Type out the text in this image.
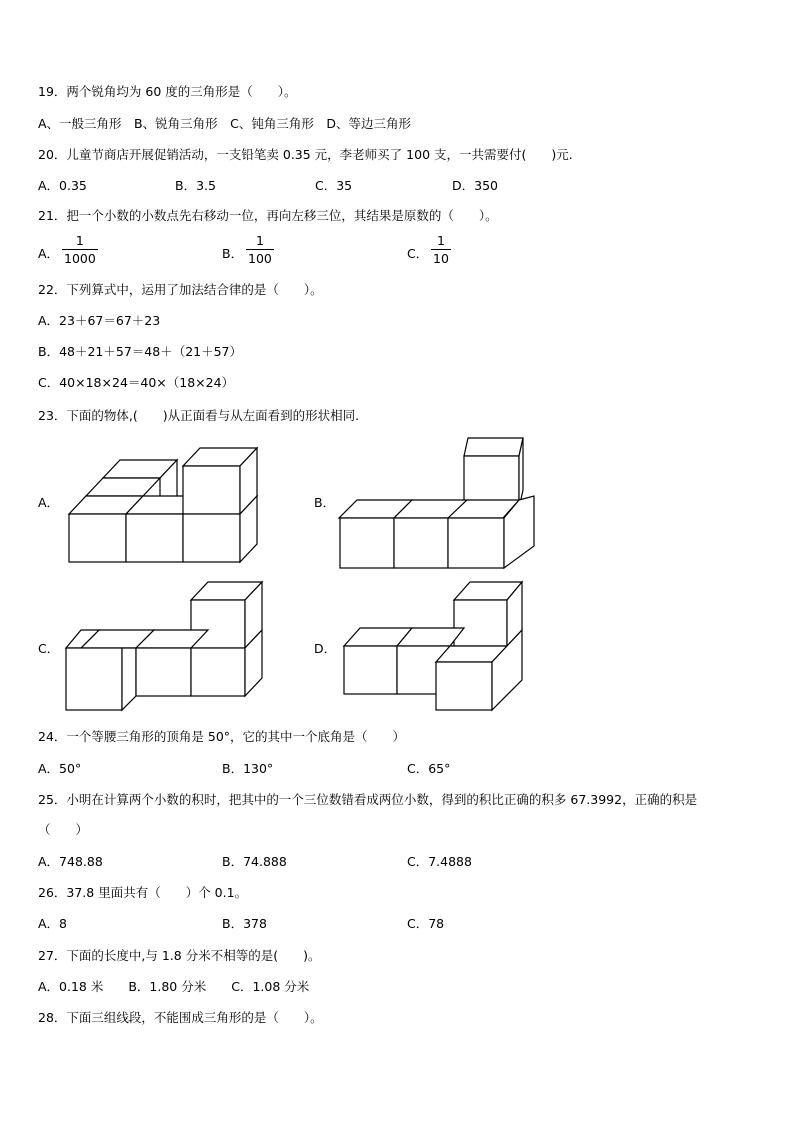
19．两个锐角均为 60 度的三角形是（　　）。
A、一般三角形　B、锐角三角形　C、钝角三角形　D、等边三角形
20．儿童节商店开展促销活动，一支铅笔卖 0.35 元，李老师买了 100 支，一共需要付(　　)元.
A．0.35	B．3.5	C．35	D．350
21．把一个小数的小数点先右移动一位，再向左移三位，其结果是原数的（　　）。
A．
1
1000	B．
1
100	C．
1
10
22．下列算式中，运用了加法结合律的是（　　）。
A．23＋67＝67＋23
B．48＋21＋57＝48＋（21＋57）
C．40×18×24＝40×（18×24）
23．下面的物体,(　　)从正面看与从左面看到的形状相同.
A．	B．
C．	D．
24．一个等腰三角形的顶角是 50°，它的其中一个底角是（　　）
A．50°	B．130°	C．65°
25．小明在计算两个小数的积时，把其中的一个三位数错看成两位小数，得到的积比正确的积多 67.3992，正确的积是
（　　）
A．748.88	B．74.888	C．7.4888
26．37.8 里面共有（　　）个 0.1。
A．8	B．378	C．78
27．下面的长度中,与 1.8 分米不相等的是(　　)。
A．0.18 米　　B．1.80 分米　　C．1.08 分米
28．下面三组线段，不能围成三角形的是（　　）。
